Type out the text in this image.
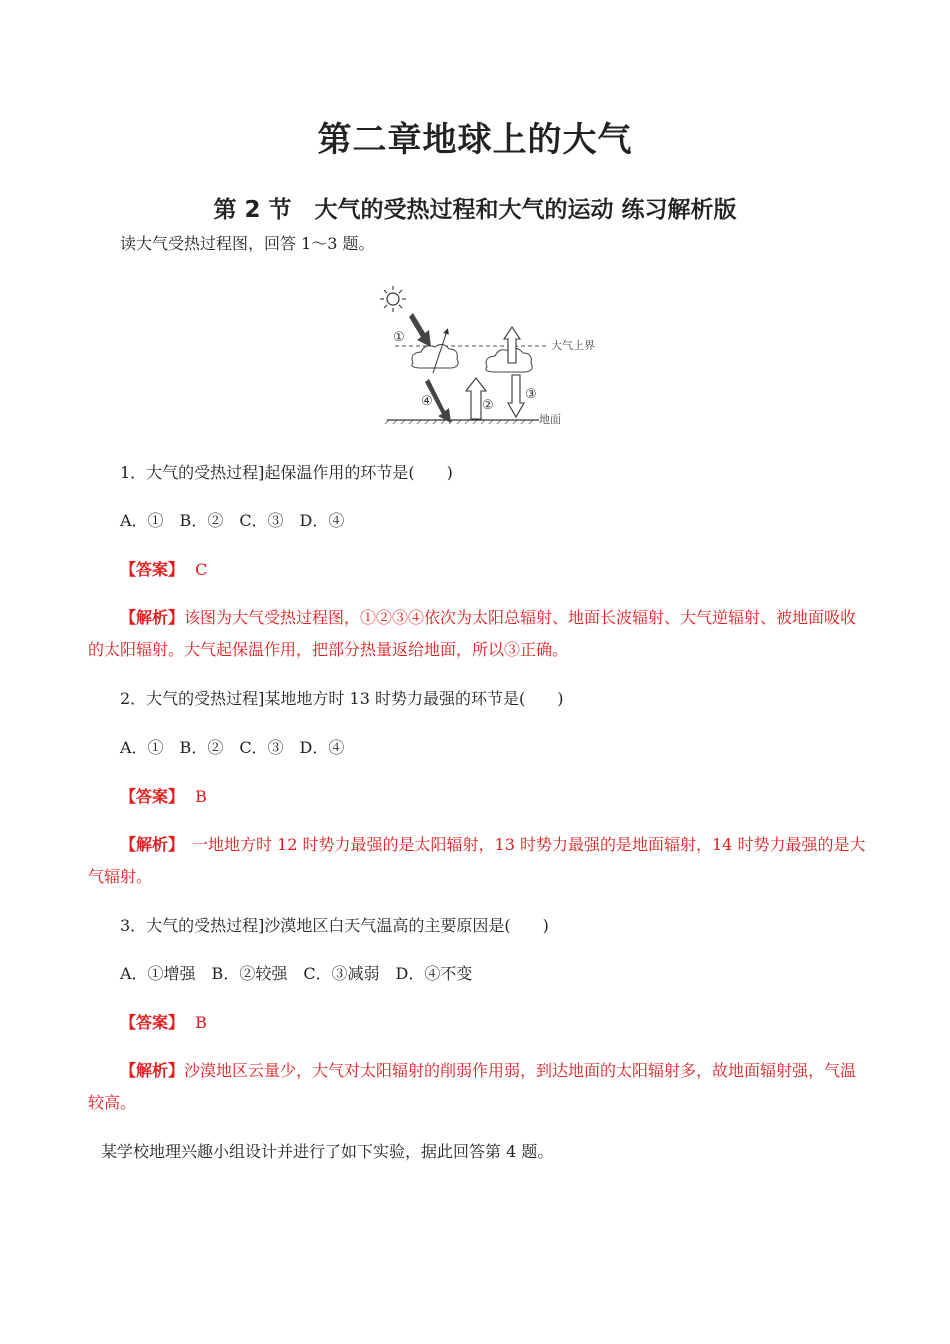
第二章地球上的大气
第 2 节　大气的受热过程和大气的运动 练习解析版
读大气受热过程图，回答 1～3 题。
大气上界
地面
①
②
③
④
1．大气的受热过程]起保温作用的环节是(　　)
A．①　B．②　C．③　D．④
【答案】 C
【解析】该图为大气受热过程图，①②③④依次为太阳总辐射、地面长波辐射、大气逆辐射、被地面吸收的太阳辐射。大气起保温作用，把部分热量返给地面，所以③正确。
2．大气的受热过程]某地地方时 13 时势力最强的环节是(　　)
A．①　B．②　C．③　D．④
【答案】 B
【解析】　一地地方时 12 时势力最强的是太阳辐射，13 时势力最强的是地面辐射，14 时势力最强的是大气辐射。
3．大气的受热过程]沙漠地区白天气温高的主要原因是(　　)
A．①增强　B．②较强　C．③减弱　D．④不变
【答案】 B
【解析】沙漠地区云量少，大气对太阳辐射的削弱作用弱，到达地面的太阳辐射多，故地面辐射强，气温较高。
某学校地理兴趣小组设计并进行了如下实验，据此回答第 4 题。
